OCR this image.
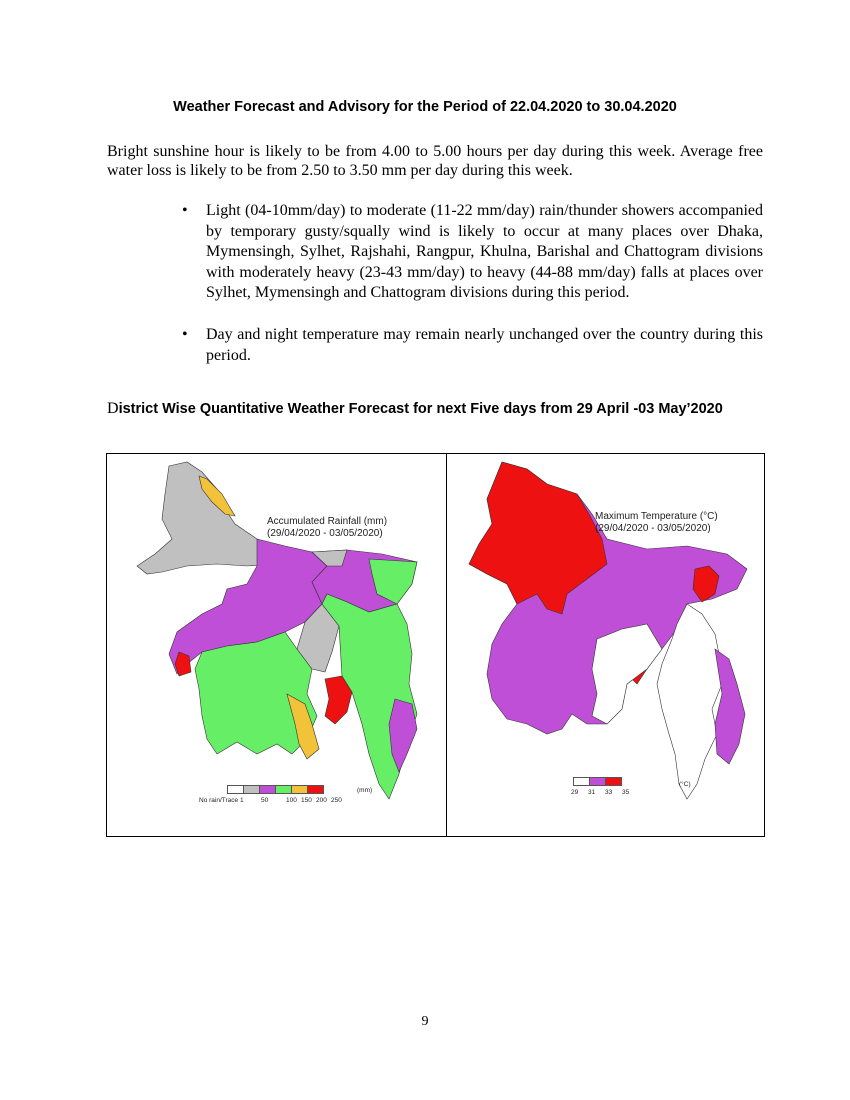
Weather Forecast and Advisory for the Period of 22.04.2020 to 30.04.2020
Bright sunshine hour is likely to be from 4.00 to 5.00 hours per day during this week. Average free water loss is likely to be from 2.50 to 3.50 mm per day during this week.
• Light (04-10mm/day) to moderate (11-22 mm/day) rain/thunder showers accompanied by temporary gusty/squally wind is likely to occur at many places over Dhaka, Mymensingh, Sylhet, Rajshahi, Rangpur, Khulna, Barishal and Chattogram divisions with moderately heavy (23-43 mm/day) to heavy (44-88 mm/day) falls at places over Sylhet, Mymensingh and Chattogram divisions during this period.
• Day and night temperature may remain nearly unchanged over the country during this period.
District Wise Quantitative Weather Forecast for next Five days from 29 April -03 May’2020
Accumulated Rainfall (mm)
(29/04/2020 - 03/05/2020)
No rain/Trace 1	50	100 150 200 250
(mm)
Maximum Temperature (°C)
(29/04/2020 - 03/05/2020)
29	31	33	35
(°C)
9
